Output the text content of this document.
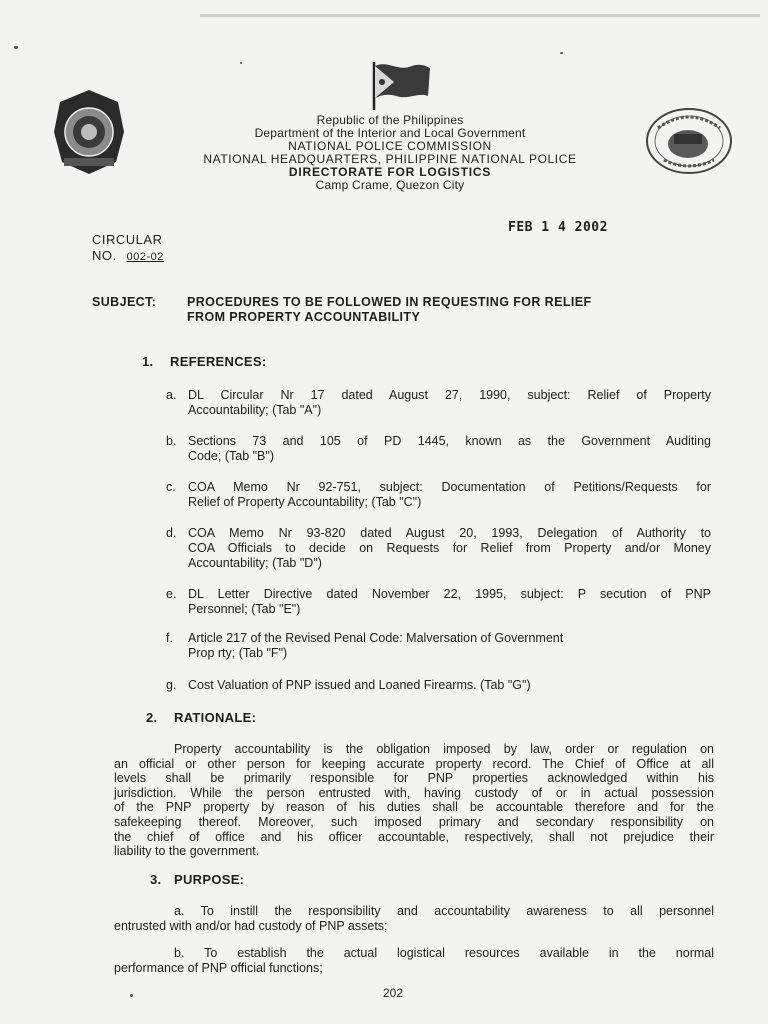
Republic of the Philippines
Department of the Interior and Local Government
NATIONAL POLICE COMMISSION
NATIONAL HEADQUARTERS, PHILIPPINE NATIONAL POLICE
DIRECTORATE FOR LOGISTICS
Camp Crame, Quezon City
FEB 1 4 2002
CIRCULAR
NO. 002-02
SUBJECT: PROCEDURES TO BE FOLLOWED IN REQUESTING FOR RELIEF
FROM PROPERTY ACCOUNTABILITY
1. REFERENCES:
a. DL Circular Nr 17 dated August 27, 1990, subject: Relief of Property
Accountability; (Tab "A")
b. Sections 73 and 105 of PD 1445, known as the Government Auditing
Code; (Tab "B")
c. COA Memo Nr 92-751, subject: Documentation of Petitions/Requests for
Relief of Property Accountability; (Tab "C")
d. COA Memo Nr 93-820 dated August 20, 1993, Delegation of Authority to
COA Officials to decide on Requests for Relief from Property and/or Money
Accountability; (Tab "D")
e. DL Letter Directive dated November 22, 1995, subject: P secution of PNP
Personnel; (Tab "E")
f. Article 217 of the Revised Penal Code: Malversation of Government
Prop rty; (Tab "F")
g. Cost Valuation of PNP issued and Loaned Firearms. (Tab "G")
2. RATIONALE:
Property accountability is the obligation imposed by law, order or regulation on
an official or other person for keeping accurate property record. The Chief of Office at all
levels shall be primarily responsible for PNP properties acknowledged within his
jurisdiction. While the person entrusted with, having custody of or in actual possession
of the PNP property by reason of his duties shall be accountable therefore and for the
safekeeping thereof. Moreover, such imposed primary and secondary responsibility on
the chief of office and his officer accountable, respectively, shall not prejudice their
liability to the government.
3. PURPOSE:
a. To instill the responsibility and accountability awareness to all personnel
entrusted with and/or had custody of PNP assets;
b. To establish the actual logistical resources available in the normal
performance of PNP official functions;
202
